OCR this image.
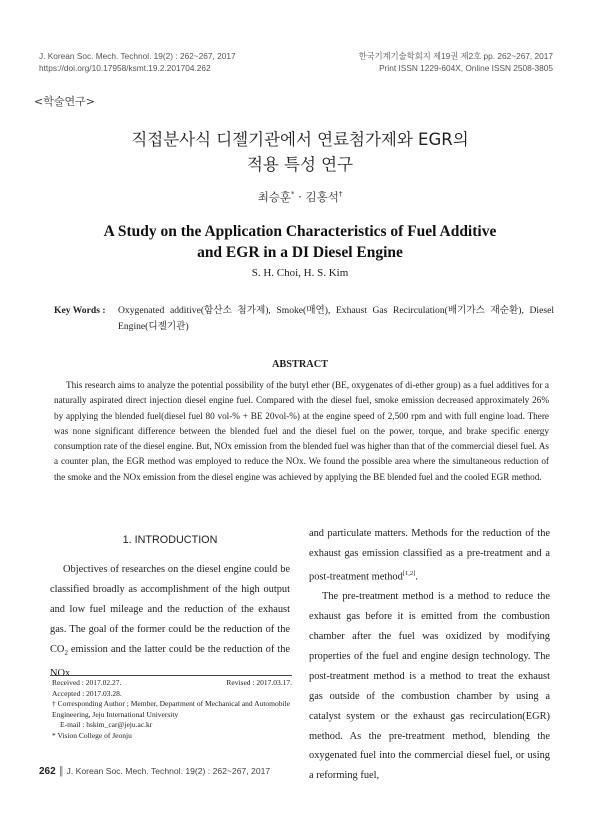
J. Korean Soc. Mech. Technol. 19(2) : 262~267, 2017
https://doi.org/10.17958/ksmt.19.2.201704.262
한국기계기술학회지 제19권 제2호 pp. 262~267, 2017
Print ISSN 1229-604X, Online ISSN 2508-3805
<학술연구>
직접분사식 디젤기관에서 연료첨가제와 EGR의
적용 특성 연구
최승훈* · 김홍석†
A Study on the Application Characteristics of Fuel Additive
and EGR in a DI Diesel Engine
S. H. Choi, H. S. Kim
Key Words : Oxygenated additive(함산소 첨가제), Smoke(매연), Exhaust Gas Recirculation(배기가스 재순환), Diesel Engine(디젤기관)
ABSTRACT
This research aims to analyze the potential possibility of the butyl ether (BE, oxygenates of di-ether group) as a fuel additives for a naturally aspirated direct injection diesel engine fuel. Compared with the diesel fuel, smoke emission decreased approximately 26% by applying the blended fuel(diesel fuel 80 vol-% + BE 20vol-%) at the engine speed of 2,500 rpm and with full engine load. There was none significant difference between the blended fuel and the diesel fuel on the power, torque, and brake specific energy consumption rate of the diesel engine. But, NOx emission from the blended fuel was higher than that of the commercial diesel fuel. As a counter plan, the EGR method was employed to reduce the NOx. We found the possible area where the simultaneous reduction of the smoke and the NOx emission from the diesel engine was achieved by applying the BE blended fuel and the cooled EGR method.
1. INTRODUCTION

Objectives of researches on the diesel engine could be classified broadly as accomplishment of the high output and low fuel mileage and the reduction of the exhaust gas. The goal of the former could be the reduction of the $CO_2$ emission and the latter could be the reduction of the NOx

Received : 2017.02.27.	Revised : 2017.03.17.
Accepted : 2017.03.28.
† Corresponding Author ; Member, Department of Mechanical and Automobile Engineering, Jeju International University
E-mail : hskim_car@jeju.ac.kr
* Vision College of Jeonju

and particulate matters. Methods for the reduction of the exhaust gas emission classified as a pre-treatment and a post-treatment method[1,2].

The pre-treatment method is a method to reduce the exhaust gas before it is emitted from the combustion chamber after the fuel was oxidized by modifying properties of the fuel and engine design technology. The post-treatment method is a method to treat the exhaust gas outside of the combustion chamber by using a catalyst system or the exhaust gas recirculation(EGR) method. As the pre-treatment method, blending the oxygenated fuel into the commercial diesel fuel, or using a reforming fuel,

262 ║ J. Korean Soc. Mech. Technol. 19(2) : 262~267, 2017
